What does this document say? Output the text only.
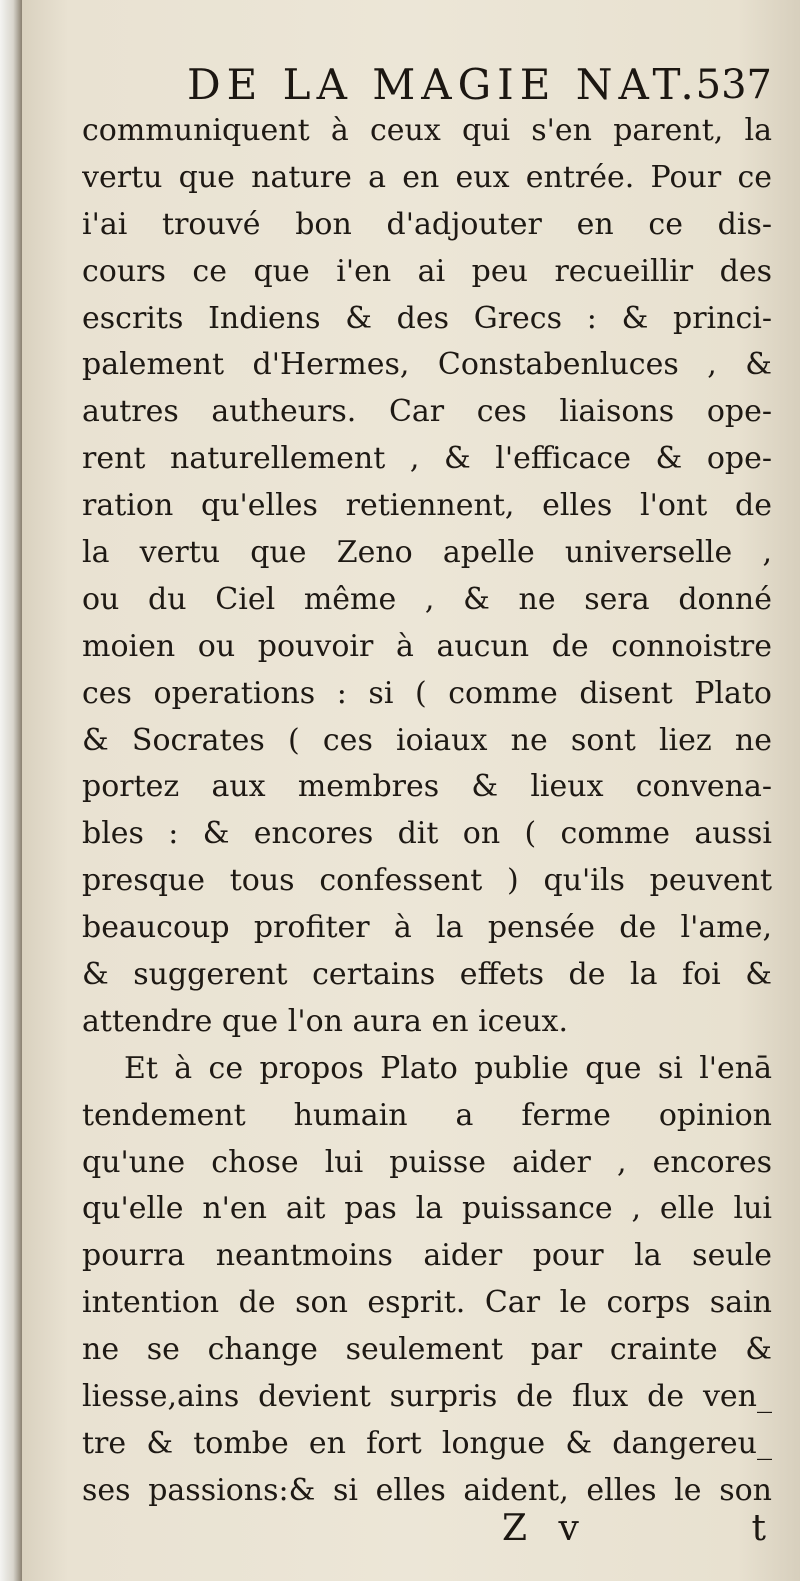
DE LA MAGIE NAT.
537
communiquent à ceux qui s'en parent, la
vertu que nature a en eux entrée. Pour ce
i'ai trouvé bon d'adjouter en ce dis-
cours ce que i'en ai peu recueillir des
escrits Indiens & des Grecs : & princi-
palement d'Hermes, Constabenluces , &
autres autheurs. Car ces liaisons ope-
rent naturellement , & l'efficace & ope-
ration qu'elles retiennent, elles l'ont de
la vertu que Zeno apelle universelle ,
ou du Ciel même , & ne sera donné
moien ou pouvoir à aucun de connoistre
ces operations : si ( comme disent Plato
& Socrates ( ces ioiaux ne sont liez ne
portez aux membres & lieux convena-
bles : & encores dit on ( comme aussi
presque tous confessent ) qu'ils peuvent
beaucoup profiter à la pensée de l'ame,
& suggerent certains effets de la foi &
attendre que l'on aura en iceux.
Et à ce propos Plato publie que si l'enā
tendement humain a ferme opinion
qu'une chose lui puisse aider , encores
qu'elle n'en ait pas la puissance , elle lui
pourra neantmoins aider pour la seule
intention de son esprit. Car le corps sain
ne se change seulement par crainte &
liesse,ains devient surpris de flux de ven_
tre & tombe en fort longue & dangereu_
ses passions:& si elles aident, elles le son
Z v	t
